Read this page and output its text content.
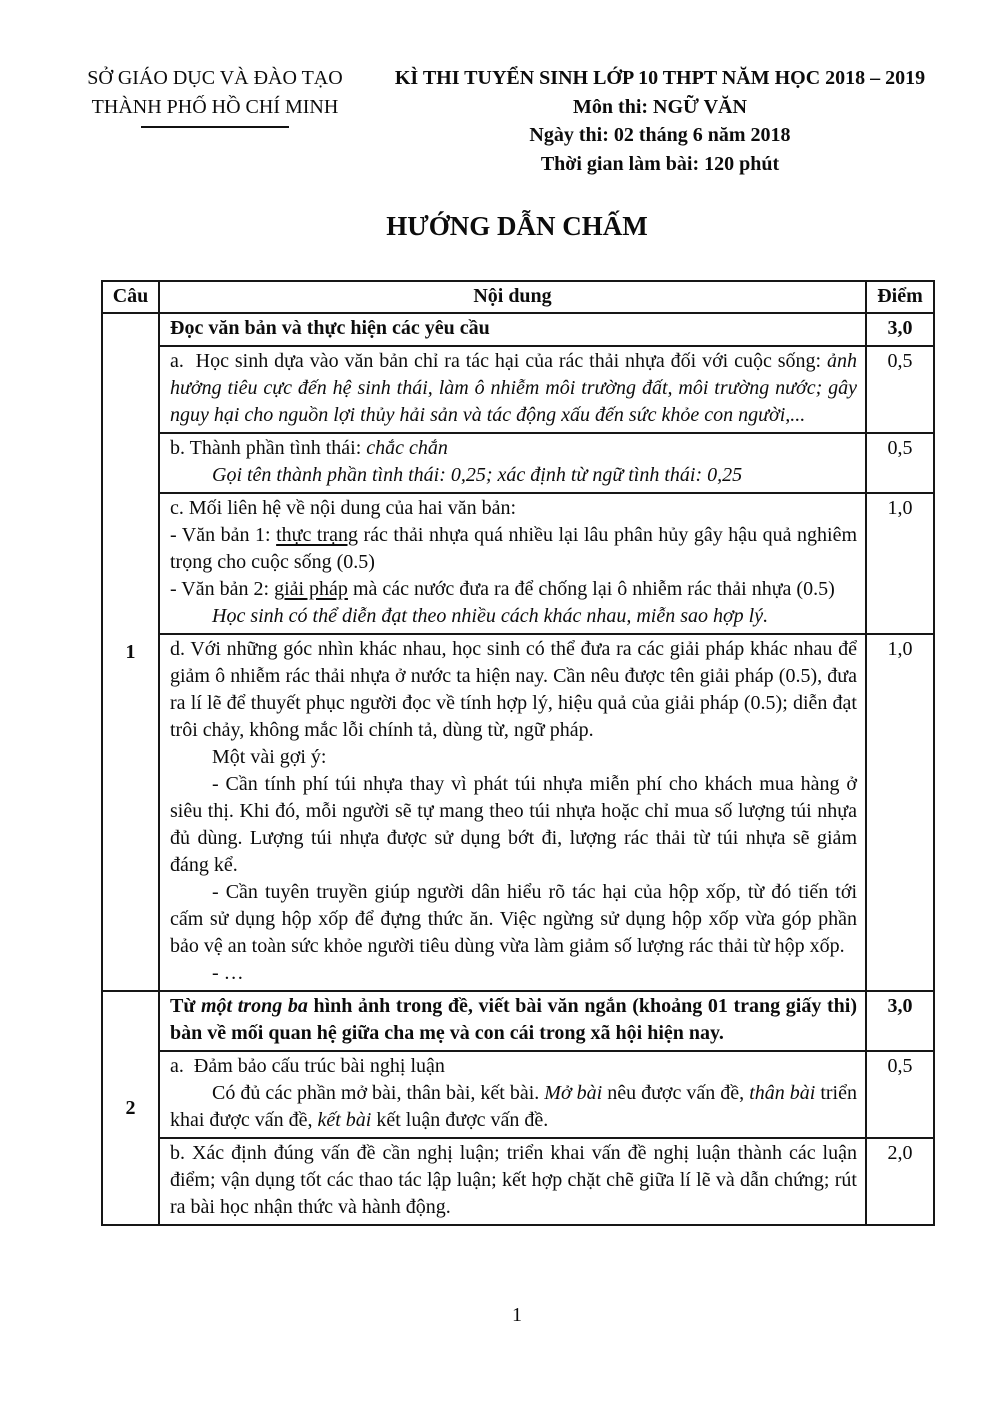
SỞ GIÁO DỤC VÀ ĐÀO TẠO
THÀNH PHỐ HỒ CHÍ MINH
KÌ THI TUYỂN SINH LỚP 10 THPT NĂM HỌC 2018 – 2019
Môn thi: NGỮ VĂN
Ngày thi: 02 tháng 6 năm 2018
Thời gian làm bài: 120 phút
HƯỚNG DẪN CHẤM
Câu	Nội dung	Điểm
1	Đọc văn bản và thực hiện các yêu cầu	3,0

	a.  Học sinh dựa vào văn bản chỉ ra tác hại của rác thải nhựa đối với cuộc sống: ảnh hưởng tiêu cực đến hệ sinh thái, làm ô nhiễm môi trường đất, môi trường nước; gây nguy hại cho nguồn lợi thủy hải sản và tác động xấu đến sức khỏe con người,...	0,5

	b. Thành phần tình thái: chắc chắn
Gọi tên thành phần tình thái: 0,25; xác định từ ngữ tình thái: 0,25	0,5

	c. Mối liên hệ về nội dung của hai văn bản:
- Văn bản 1: thực trạng rác thải nhựa quá nhiều lại lâu phân hủy gây hậu quả nghiêm trọng cho cuộc sống (0.5)
- Văn bản 2: giải pháp mà các nước đưa ra để chống lại ô nhiễm rác thải nhựa (0.5)
Học sinh có thể diễn đạt theo nhiều cách khác nhau, miễn sao hợp lý.	1,0

	d. Với những góc nhìn khác nhau, học sinh có thể đưa ra các giải pháp khác nhau để giảm ô nhiễm rác thải nhựa ở nước ta hiện nay. Cần nêu được tên giải pháp (0.5), đưa ra lí lẽ để thuyết phục người đọc về tính hợp lý, hiệu quả của giải pháp (0.5); diễn đạt trôi chảy, không mắc lỗi chính tả, dùng từ, ngữ pháp.
Một vài gợi ý:
- Cần tính phí túi nhựa thay vì phát túi nhựa miễn phí cho khách mua hàng ở siêu thị. Khi đó, mỗi người sẽ tự mang theo túi nhựa hoặc chỉ mua số lượng túi nhựa đủ dùng. Lượng túi nhựa được sử dụng bớt đi, lượng rác thải từ túi nhựa sẽ giảm đáng kể.
- Cần tuyên truyền giúp người dân hiểu rõ tác hại của hộp xốp, từ đó tiến tới cấm sử dụng hộp xốp để đựng thức ăn. Việc ngừng sử dụng hộp xốp vừa góp phần bảo vệ an toàn sức khỏe người tiêu dùng vừa làm giảm số lượng rác thải từ hộp xốp.
- …	1,0
2	Từ một trong ba hình ảnh trong đề, viết bài văn ngắn (khoảng 01 trang giấy thi) bàn về mối quan hệ giữa cha mẹ và con cái trong xã hội hiện nay.	3,0

	a.  Đảm bảo cấu trúc bài nghị luận
Có đủ các phần mở bài, thân bài, kết bài. Mở bài nêu được vấn đề, thân bài triển khai được vấn đề, kết bài kết luận được vấn đề.	0,5

	b. Xác định đúng vấn đề cần nghị luận; triển khai vấn đề nghị luận thành các luận điểm; vận dụng tốt các thao tác lập luận; kết hợp chặt chẽ giữa lí lẽ và dẫn chứng; rút ra bài học nhận thức và hành động.	2,0
1
